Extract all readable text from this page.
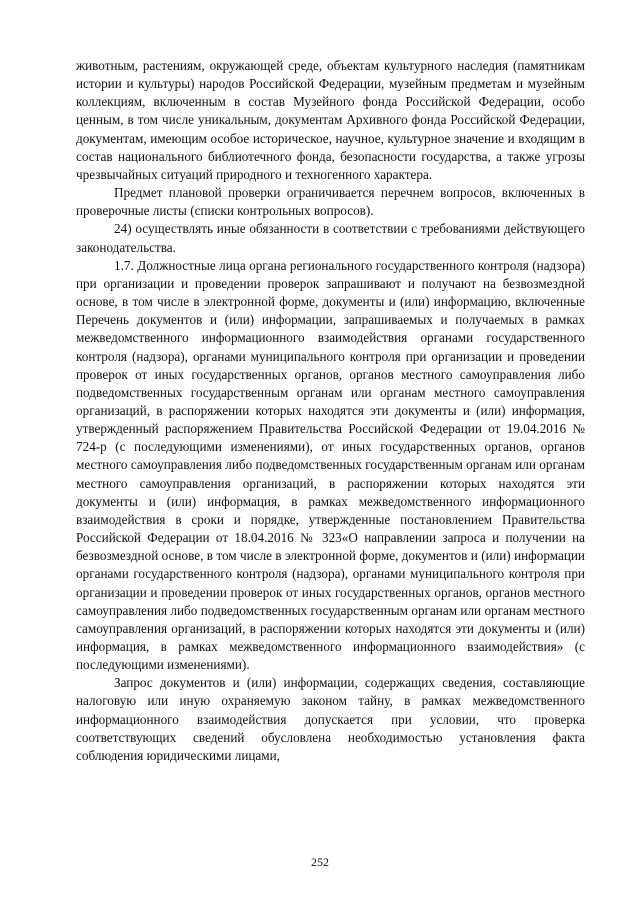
животным, растениям, окружающей среде, объектам культурного наследия (памятникам истории и культуры) народов Российской Федерации, музейным предметам и музейным коллекциям, включенным в состав Музейного фонда Российской Федерации, особо ценным, в том числе уникальным, документам Архивного фонда Российской Федерации, документам, имеющим особое историческое, научное, культурное значение и входящим в состав национального библиотечного фонда, безопасности государства, а также угрозы чрезвычайных ситуаций природного и техногенного характера.

Предмет плановой проверки ограничивается перечнем вопросов, включенных в проверочные листы (списки контрольных вопросов).

24) осуществлять иные обязанности в соответствии с требованиями действующего законодательства.

1.7. Должностные лица органа регионального государственного контроля (надзора) при организации и проведении проверок запрашивают и получают на безвозмездной основе, в том числе в электронной форме, документы и (или) информацию, включенные Перечень документов и (или) информации, запрашиваемых и получаемых в рамках межведомственного информационного взаимодействия органами государственного контроля (надзора), органами муниципального контроля при организации и проведении проверок от иных государственных органов, органов местного самоуправления либо подведомственных государственным органам или органам местного самоуправления организаций, в распоряжении которых находятся эти документы и (или) информация, утвержденный распоряжением Правительства Российской Федерации от 19.04.2016 № 724-р (с последующими изменениями), от иных государственных органов, органов местного самоуправления либо подведомственных государственным органам или органам местного самоуправления организаций, в распоряжении которых находятся эти документы и (или) информация, в рамках межведомственного информационного взаимодействия в сроки и порядке, утвержденные постановлением Правительства Российской Федерации от 18.04.2016 № 323«О направлении запроса и получении на безвозмездной основе, в том числе в электронной форме, документов и (или) информации органами государственного контроля (надзора), органами муниципального контроля при организации и проведении проверок от иных государственных органов, органов местного самоуправления либо подведомственных государственным органам или органам местного самоуправления организаций, в распоряжении которых находятся эти документы и (или) информация, в рамках межведомственного информационного взаимодействия» (с последующими изменениями).

Запрос документов и (или) информации, содержащих сведения, составляющие налоговую или иную охраняемую законом тайну, в рамках межведомственного информационного взаимодействия допускается при условии, что проверка соответствующих сведений обусловлена необходимостью установления факта соблюдения юридическими лицами,

252
